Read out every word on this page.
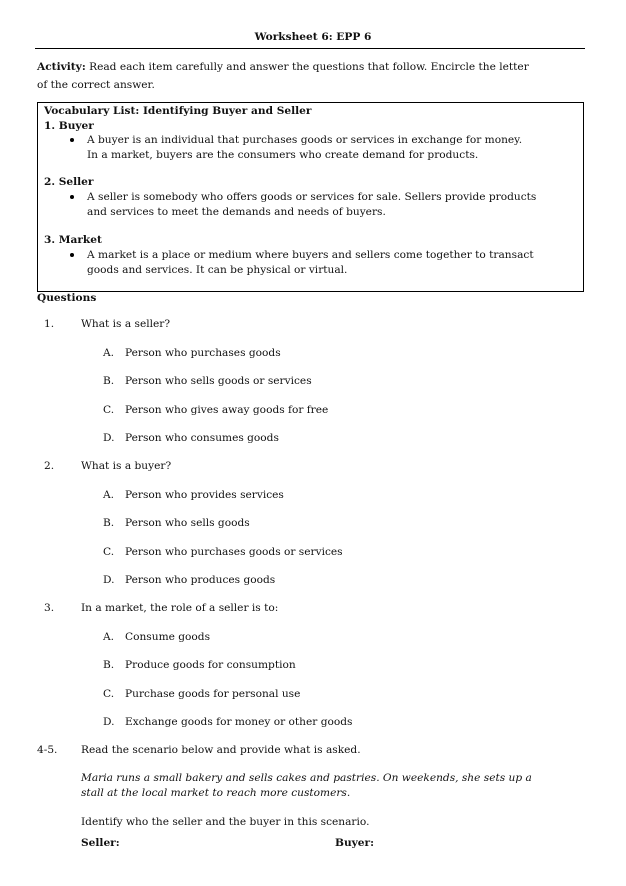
Worksheet 6: EPP 6
Activity: Read each item carefully and answer the questions that follow. Encircle the letter
of the correct answer.
Vocabulary List: Identifying Buyer and Seller
1. Buyer
A buyer is an individual that purchases goods or services in exchange for money.
In a market, buyers are the consumers who create demand for products.
2. Seller
A seller is somebody who offers goods or services for sale. Sellers provide products
and services to meet the demands and needs of buyers.
3. Market
A market is a place or medium where buyers and sellers come together to transact
goods and services. It can be physical or virtual.
Questions
1.	What is a seller?
A. Person who purchases goods
B. Person who sells goods or services
C. Person who gives away goods for free
D. Person who consumes goods
2.	What is a buyer?
A. Person who provides services
B. Person who sells goods
C. Person who purchases goods or services
D. Person who produces goods
3.	In a market, the role of a seller is to:
A. Consume goods
B. Produce goods for consumption
C. Purchase goods for personal use
D. Exchange goods for money or other goods
4-5. Read the scenario below and provide what is asked.
Maria runs a small bakery and sells cakes and pastries. On weekends, she sets up a
stall at the local market to reach more customers.
Identify who the seller and the buyer in this scenario.
Seller:	Buyer:
